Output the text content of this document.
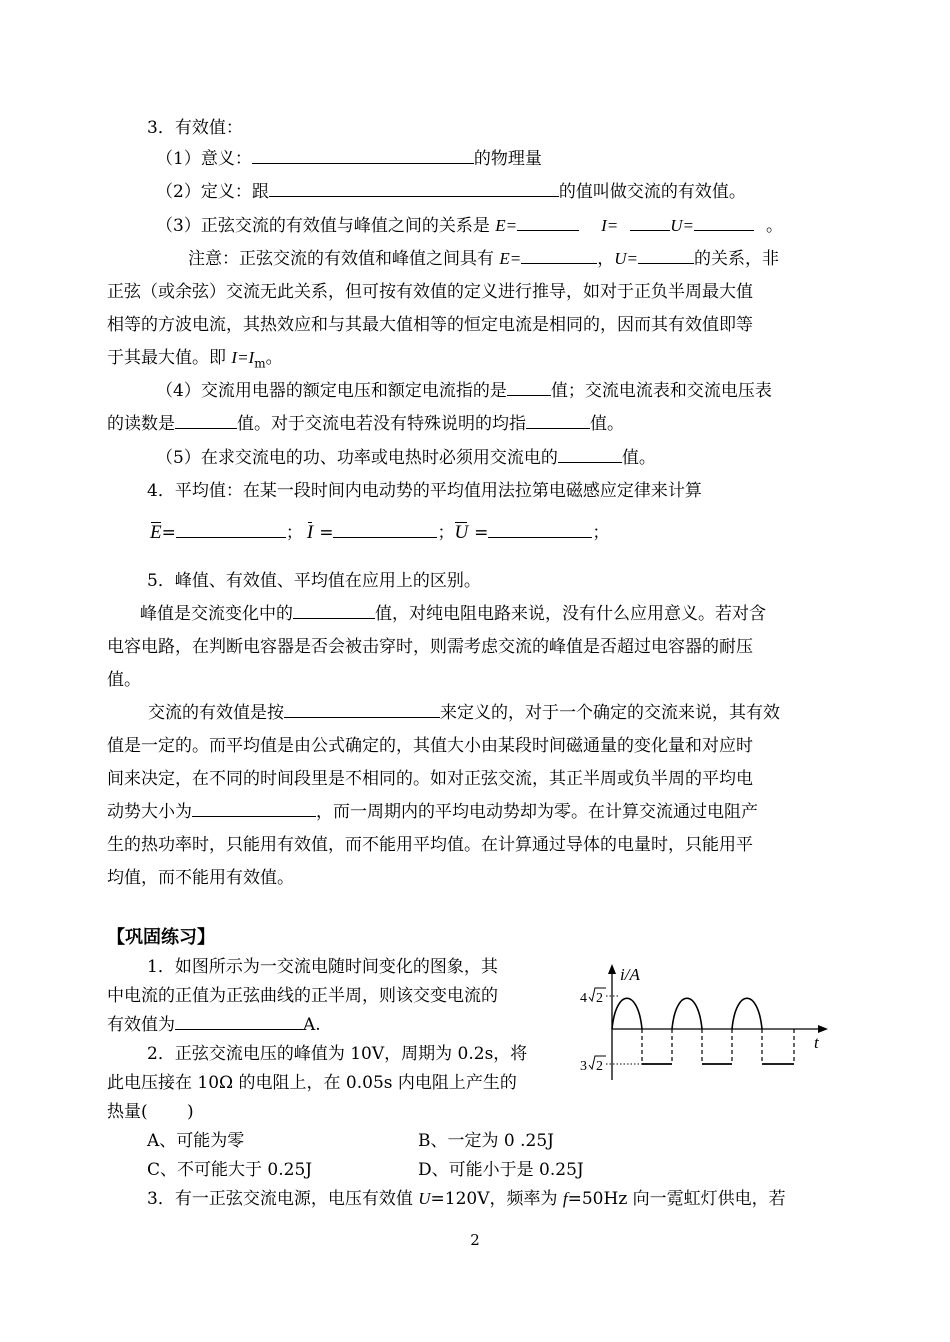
3．有效值：
（1）意义：	的物理量
（2）定义：跟	的值叫做交流的有效值。
（3）正弦交流的有效值与峰值之间的关系是 E=	I=	U=	。
注意：正弦交流的有效值和峰值之间具有 E=	，U=	的关系，非
正弦（或余弦）交流无此关系，但可按有效值的定义进行推导，如对于正负半周最大值
相等的方波电流，其热效应和与其最大值相等的恒定电流是相同的，因而其有效值即等
于其最大值。即 $I=I_m$。
（4）交流用电器的额定电压和额定电流指的是	值；交流电流表和交流电压表
的读数是	值。对于交流电若没有特殊说明的均指	值。
（5）在求交流电的功、功率或电热时必须用交流电的	值。
4．平均值：在某一段时间内电动势的平均值用法拉第电磁感应定律来计算
E=	； I =	；U =	；
5．峰值、有效值、平均值在应用上的区别。
峰值是交流变化中的	值，对纯电阻电路来说，没有什么应用意义。若对含
电容电路，在判断电容器是否会被击穿时，则需考虑交流的峰值是否超过电容器的耐压
值。
交流的有效值是按	来定义的，对于一个确定的交流来说，其有效
值是一定的。而平均值是由公式确定的，其值大小由某段时间磁通量的变化量和对应时
间来决定，在不同的时间段里是不相同的。如对正弦交流，其正半周或负半周的平均电
动势大小为	，而一周期内的平均电动势却为零。在计算交流通过电阻产
生的热功率时，只能用有效值，而不能用平均值。在计算通过导体的电量时，只能用平
均值，而不能用有效值。
【巩固练习】
1．如图所示为一交流电随时间变化的图象，其
中电流的正值为正弦曲线的正半周，则该交变电流的
有效值为	A.
2．正弦交流电压的峰值为 10V，周期为 0.2s，将
此电压接在 10Ω 的电阻上，在 0.05s 内电阻上产生的
热量(　　 )
A、可能为零	B、一定为 0 .25J
C、不可能大于 0.25J	D、可能小于是 0.25J
3．有一正弦交流电源，电压有效值 U=120V，频率为 f=50Hz 向一霓虹灯供电，若
i/A
t
4 2
3 2
2
